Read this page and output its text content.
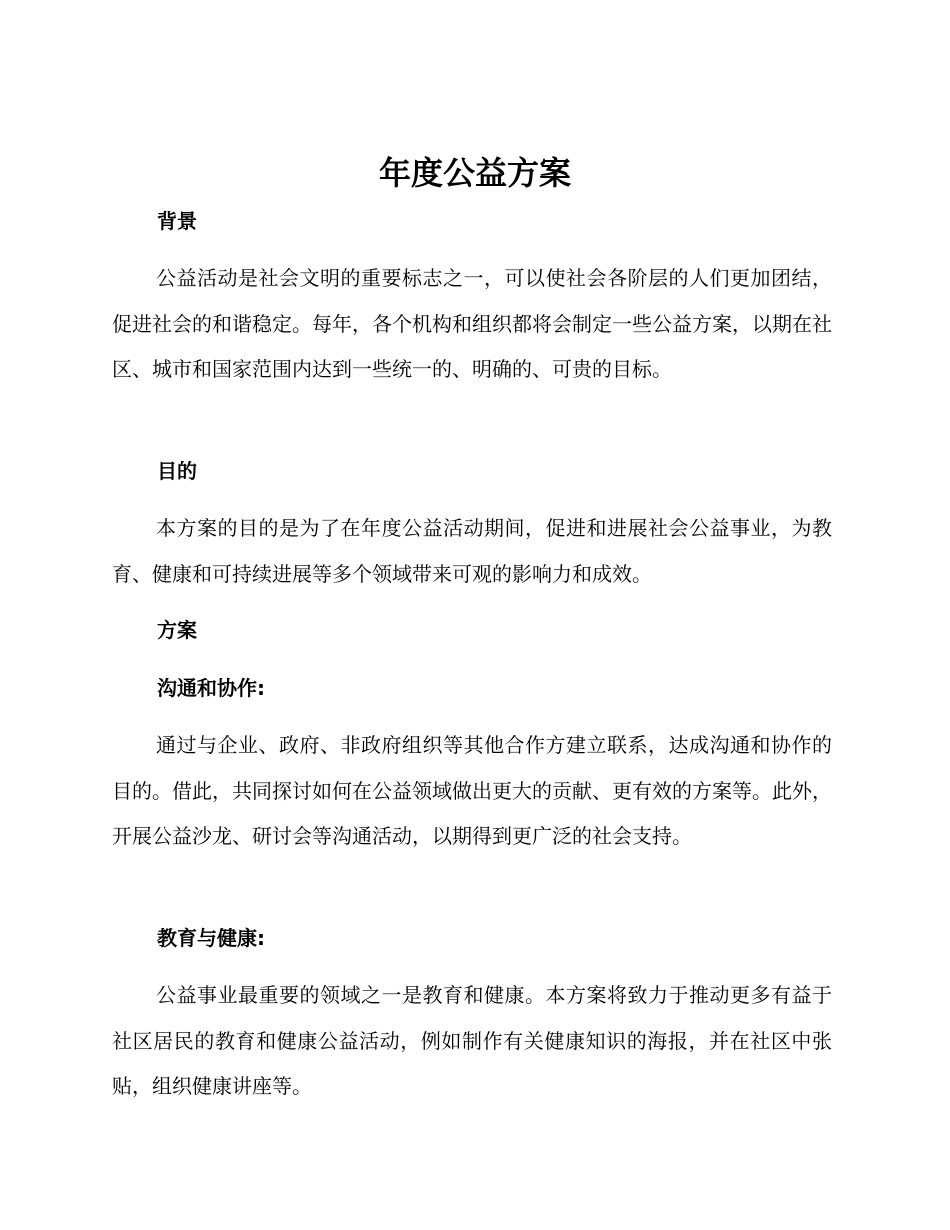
年度公益方案
背景

公益活动是社会文明的重要标志之一，可以使社会各阶层的人们更加团结，促进社会的和谐稳定。每年，各个机构和组织都将会制定一些公益方案，以期在社区、城市和国家范围内达到一些统一的、明确的、可贵的目标。

目的

本方案的目的是为了在年度公益活动期间，促进和进展社会公益事业，为教育、健康和可持续进展等多个领域带来可观的影响力和成效。

方案
沟通和协作:

通过与企业、政府、非政府组织等其他合作方建立联系，达成沟通和协作的目的。借此，共同探讨如何在公益领域做出更大的贡献、更有效的方案等。此外，开展公益沙龙、研讨会等沟通活动，以期得到更广泛的社会支持。

教育与健康:

公益事业最重要的领域之一是教育和健康。本方案将致力于推动更多有益于社区居民的教育和健康公益活动，例如制作有关健康知识的海报，并在社区中张贴，组织健康讲座等。
